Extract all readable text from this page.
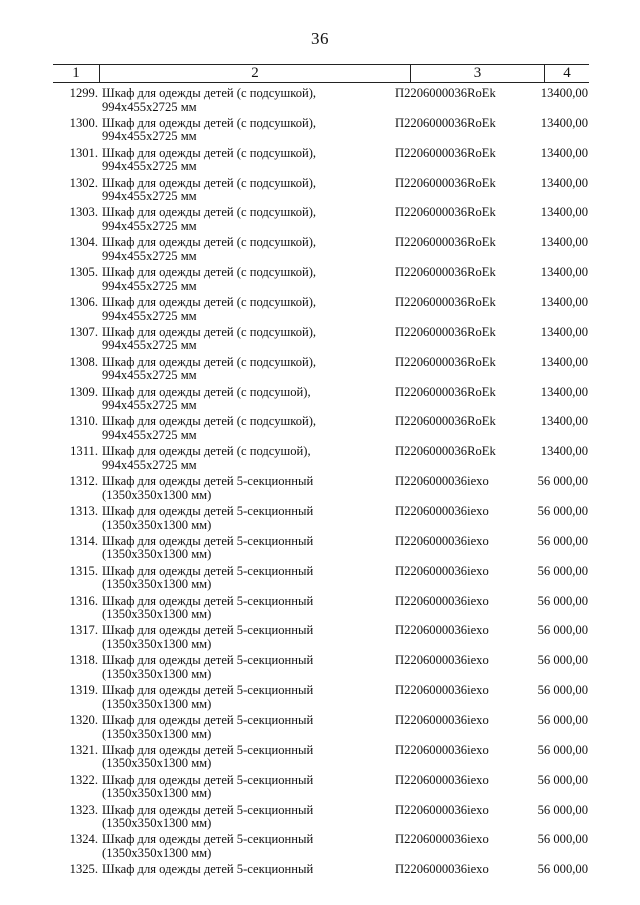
36
1	2	3	4
1299. Шкаф для одежды детей (с подсушкой),
994x455x2725 мм
П2206000036RoEk	13400,00
1300. Шкаф для одежды детей (с подсушкой),
994x455x2725 мм
П2206000036RoEk	13400,00
1301. Шкаф для одежды детей (с подсушкой),
994x455x2725 мм
П2206000036RoEk	13400,00
1302. Шкаф для одежды детей (с подсушкой),
994x455x2725 мм
П2206000036RoEk	13400,00
1303. Шкаф для одежды детей (с подсушкой),
994x455x2725 мм
П2206000036RoEk	13400,00
1304. Шкаф для одежды детей (с подсушкой),
994x455x2725 мм
П2206000036RoEk	13400,00
1305. Шкаф для одежды детей (с подсушкой),
994x455x2725 мм
П2206000036RoEk	13400,00
1306. Шкаф для одежды детей (с подсушкой),
994x455x2725 мм
П2206000036RoEk	13400,00
1307. Шкаф для одежды детей (с подсушкой),
994x455x2725 мм
П2206000036RoEk	13400,00
1308. Шкаф для одежды детей (с подсушкой),
994x455x2725 мм
П2206000036RoEk	13400,00
1309. Шкаф для одежды детей (с подсушой),
994x455x2725 мм
П2206000036RoEk	13400,00
1310. Шкаф для одежды детей (с подсушкой),
994x455x2725 мм
П2206000036RoEk	13400,00
1311. Шкаф для одежды детей (с подсушой),
994x455x2725 мм
П2206000036RoEk	13400,00
1312. Шкаф для одежды детей 5-секционный
(1350x350x1300 мм)
П2206000036iexo	56 000,00
1313. Шкаф для одежды детей 5-секционный
(1350x350x1300 мм)
П2206000036iexo	56 000,00
1314. Шкаф для одежды детей 5-секционный
(1350x350x1300 мм)
П2206000036iexo	56 000,00
1315. Шкаф для одежды детей 5-секционный
(1350x350x1300 мм)
П2206000036iexo	56 000,00
1316. Шкаф для одежды детей 5-секционный
(1350x350x1300 мм)
П2206000036iexo	56 000,00
1317. Шкаф для одежды детей 5-секционный
(1350x350x1300 мм)
П2206000036iexo	56 000,00
1318. Шкаф для одежды детей 5-секционный
(1350x350x1300 мм)
П2206000036iexo	56 000,00
1319. Шкаф для одежды детей 5-секционный
(1350x350x1300 мм)
П2206000036iexo	56 000,00
1320. Шкаф для одежды детей 5-секционный
(1350x350x1300 мм)
П2206000036iexo	56 000,00
1321. Шкаф для одежды детей 5-секционный
(1350x350x1300 мм)
П2206000036iexo	56 000,00
1322. Шкаф для одежды детей 5-секционный
(1350x350x1300 мм)
П2206000036iexo	56 000,00
1323. Шкаф для одежды детей 5-секционный
(1350x350x1300 мм)
П2206000036iexo	56 000,00
1324. Шкаф для одежды детей 5-секционный
(1350x350x1300 мм)
П2206000036iexo	56 000,00
1325. Шкаф для одежды детей 5-секционный	П2206000036iexo	56 000,00
